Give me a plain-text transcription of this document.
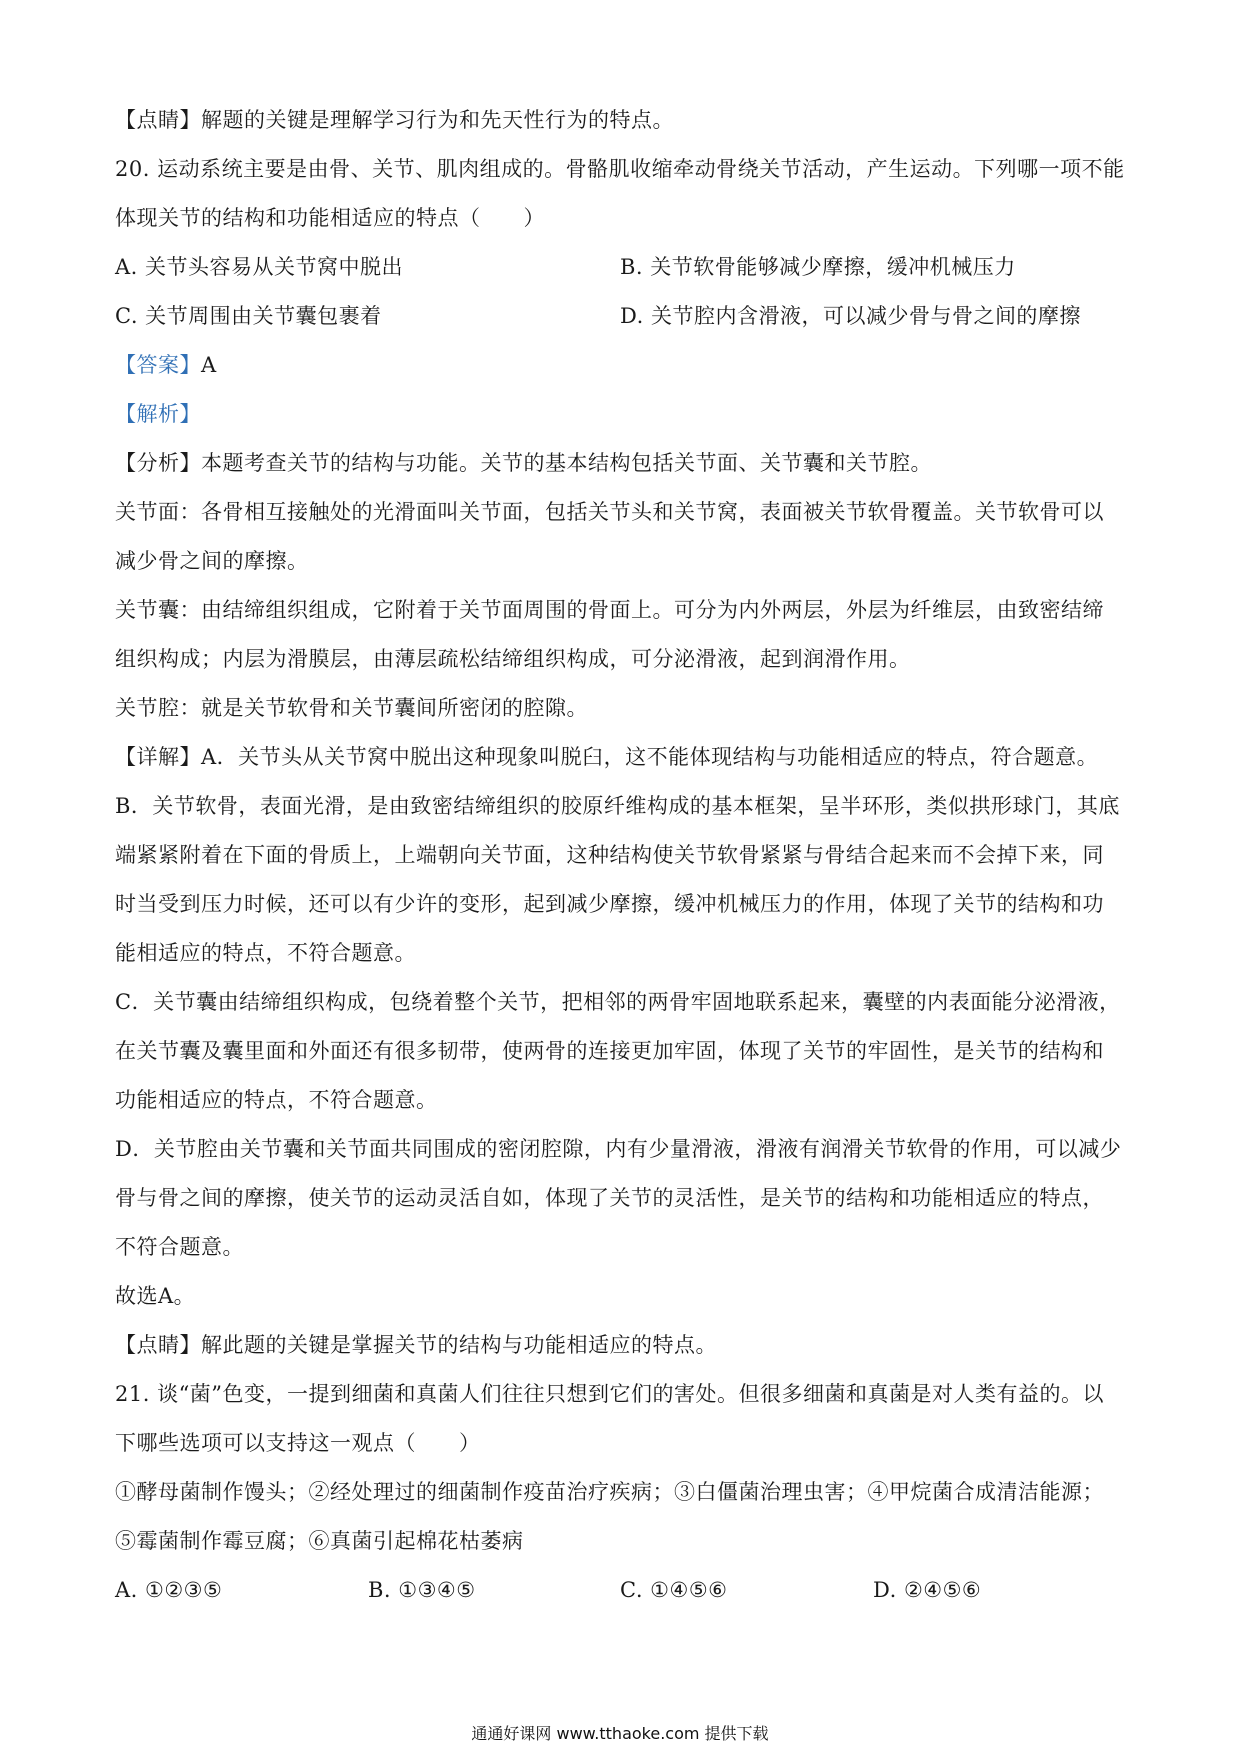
【点睛】解题的关键是理解学习行为和先天性行为的特点。
20. 运动系统主要是由骨、关节、肌肉组成的。骨骼肌收缩牵动骨绕关节活动，产生运动。下列哪一项不能
体现关节的结构和功能相适应的特点（　　）
A. 关节头容易从关节窝中脱出	B. 关节软骨能够减少摩擦，缓冲机械压力
C. 关节周围由关节囊包裹着	D. 关节腔内含滑液，可以减少骨与骨之间的摩擦
【答案】A
【解析】
【分析】本题考查关节的结构与功能。关节的基本结构包括关节面、关节囊和关节腔。
关节面：各骨相互接触处的光滑面叫关节面，包括关节头和关节窝，表面被关节软骨覆盖。关节软骨可以
减少骨之间的摩擦。
关节囊：由结缔组织组成，它附着于关节面周围的骨面上。可分为内外两层，外层为纤维层，由致密结缔
组织构成；内层为滑膜层，由薄层疏松结缔组织构成，可分泌滑液，起到润滑作用。
关节腔：就是关节软骨和关节囊间所密闭的腔隙。
【详解】A．关节头从关节窝中脱出这种现象叫脱臼，这不能体现结构与功能相适应的特点，符合题意。
B．关节软骨，表面光滑，是由致密结缔组织的胶原纤维构成的基本框架，呈半环形，类似拱形球门，其底
端紧紧附着在下面的骨质上，上端朝向关节面，这种结构使关节软骨紧紧与骨结合起来而不会掉下来，同
时当受到压力时候，还可以有少许的变形，起到减少摩擦，缓冲机械压力的作用，体现了关节的结构和功
能相适应的特点，不符合题意。
C．关节囊由结缔组织构成，包绕着整个关节，把相邻的两骨牢固地联系起来，囊壁的内表面能分泌滑液，
在关节囊及囊里面和外面还有很多韧带，使两骨的连接更加牢固，体现了关节的牢固性，是关节的结构和
功能相适应的特点，不符合题意。
D．关节腔由关节囊和关节面共同围成的密闭腔隙，内有少量滑液，滑液有润滑关节软骨的作用，可以减少
骨与骨之间的摩擦，使关节的运动灵活自如，体现了关节的灵活性，是关节的结构和功能相适应的特点，
不符合题意。
故选A。
【点睛】解此题的关键是掌握关节的结构与功能相适应的特点。
21. 谈“菌”色变，一提到细菌和真菌人们往往只想到它们的害处。但很多细菌和真菌是对人类有益的。以
下哪些选项可以支持这一观点（　　）
①酵母菌制作馒头；②经处理过的细菌制作疫苗治疗疾病；③白僵菌治理虫害；④甲烷菌合成清洁能源；
⑤霉菌制作霉豆腐；⑥真菌引起棉花枯萎病
A. ①②③⑤	B. ①③④⑤	C. ①④⑤⑥	D. ②④⑤⑥
通通好课网 www.tthaoke.com 提供下载
